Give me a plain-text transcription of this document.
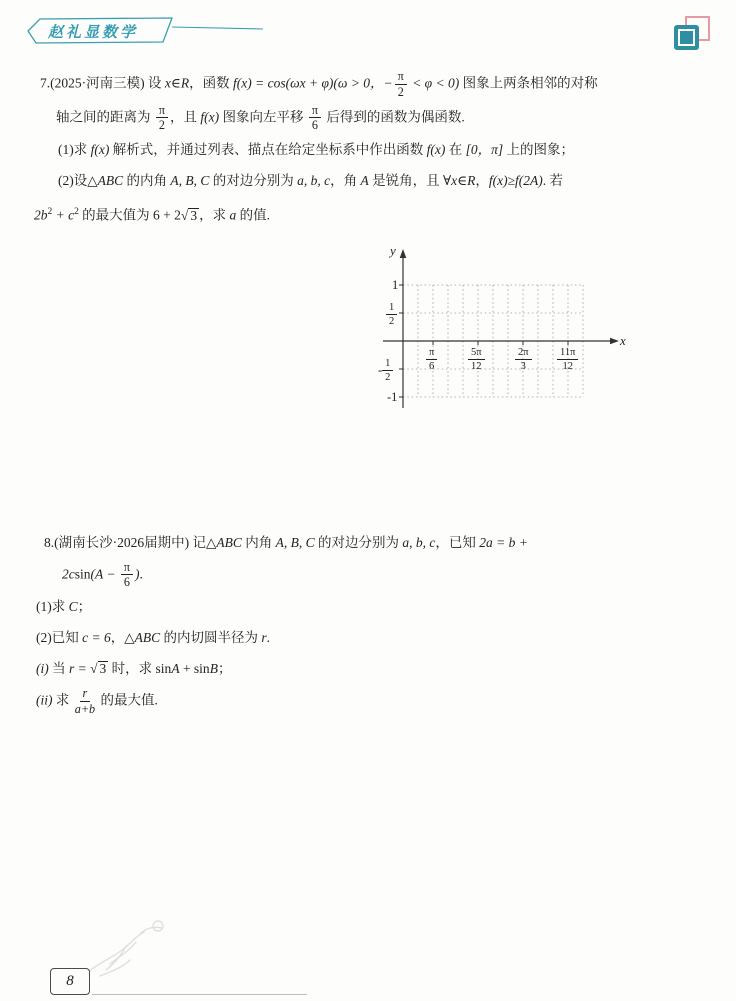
赵礼显数学

7.(2025·河南三模) 设 x∈R，函数 f(x) = cos(ωx + φ)(ω > 0，− $\frac{\pi}{2} < \varphi < 0$) 图象上两条相邻的对称

轴之间的距离为 $\frac{\pi}{2}$ ，且 f(x) 图象向左平移 $\frac{\pi}{6}$ 后得到的函数为偶函数.

(1)求 f(x) 解析式，并通过列表、描点在给定坐标系中作出函数 f(x) 在 [0，π] 上的图象；

(2)设△ABC 的内角 A, B, C 的对边分别为 a, b, c，角 A 是锐角，且 ∀x∈R，f(x)≥f(2A). 若

$2b^2 + c^2$ 的最大值为 6 + 2√ 3 ，求 a 的值.

y
x
1
$\frac{1}{2}$
- $\frac{1}{2}$
-1
$\frac{\pi}{6}$	$\frac{5\pi}{12}$	$\frac{2\pi}{3} \frac{11\pi}{12}$

8.(湖南长沙·2026届期中) 记△ABC 内角 A, B, C 的对边分别为 a, b, c，已知 2a = b +

$2csin(A - \frac{\pi}{6}$ ).

(1)求 C；

(2)已知 c = 6，△ABC 的内切圆半径为 r.

(i) 当 r = √ 3 时，求 sinA + sinB；

(ii) 求 $\frac{r}{a+b}$ 的最大值.

8
